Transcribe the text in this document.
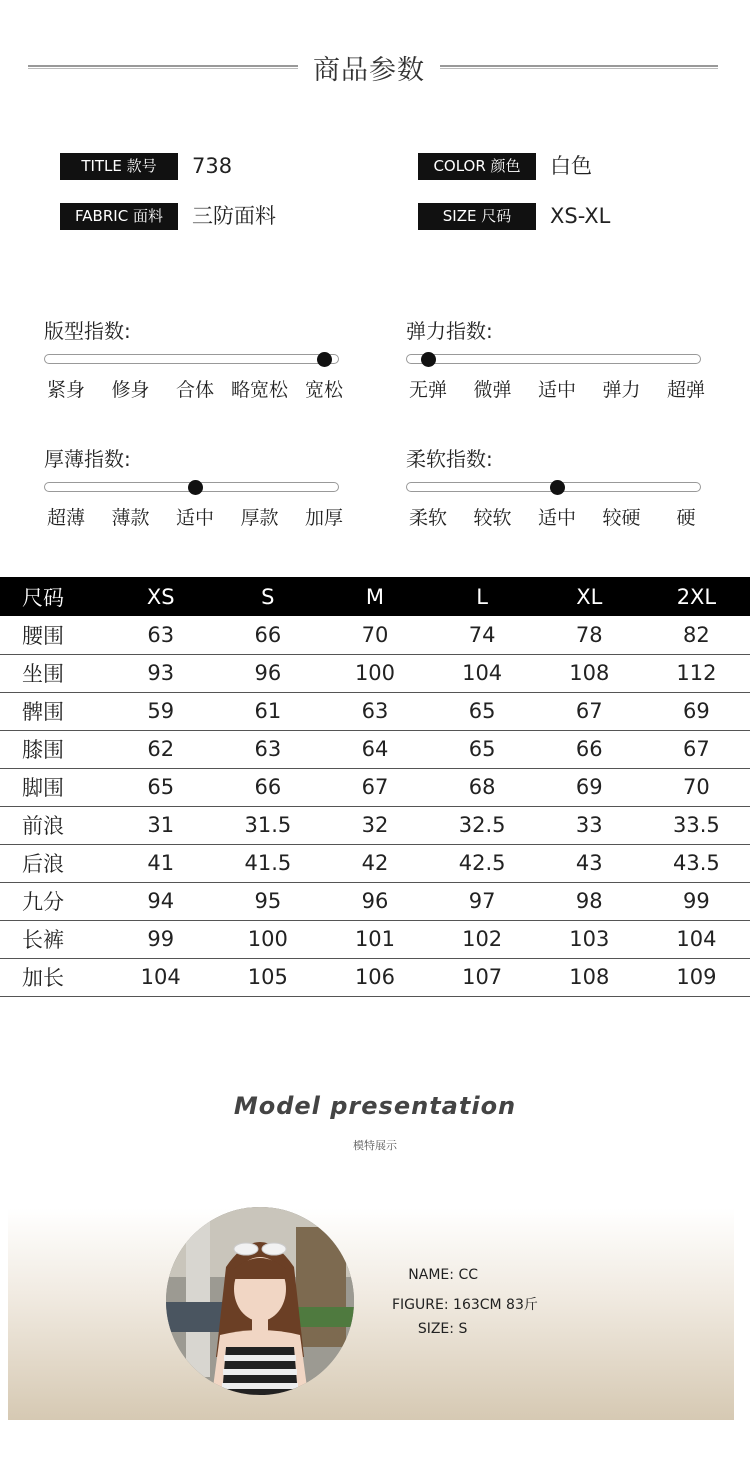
商品参数
TITLE 款号	738	COLOR 颜色	白色
FABRIC 面料	三防面料	SIZE 尺码	XS-XL
版型指数:
紧身 修身 合体 略宽松 宽松
弹力指数:
无弹 微弹 适中 弹力 超弹
厚薄指数:
超薄 薄款 适中 厚款 加厚
柔软指数:
柔软 较软 适中 较硬 硬
尺码	XS	S	M	L	XL	2XL
腰围	63	66	70	74	78	82
坐围	93	96	100	104	108	112
髀围	59	61	63	65	67	69
膝围	62	63	64	65	66	67
脚围	65	66	67	68	69	70
前浪	31	31.5	32	32.5	33	33.5
后浪	41	41.5	42	42.5	43	43.5
九分	94	95	96	97	98	99
长裤	99	100	101	102	103	104
加长	104	105	106	107	108	109
Model presentation
模特展示
NAME: CC
FIGURE: 163CM 83斤
SIZE: S
